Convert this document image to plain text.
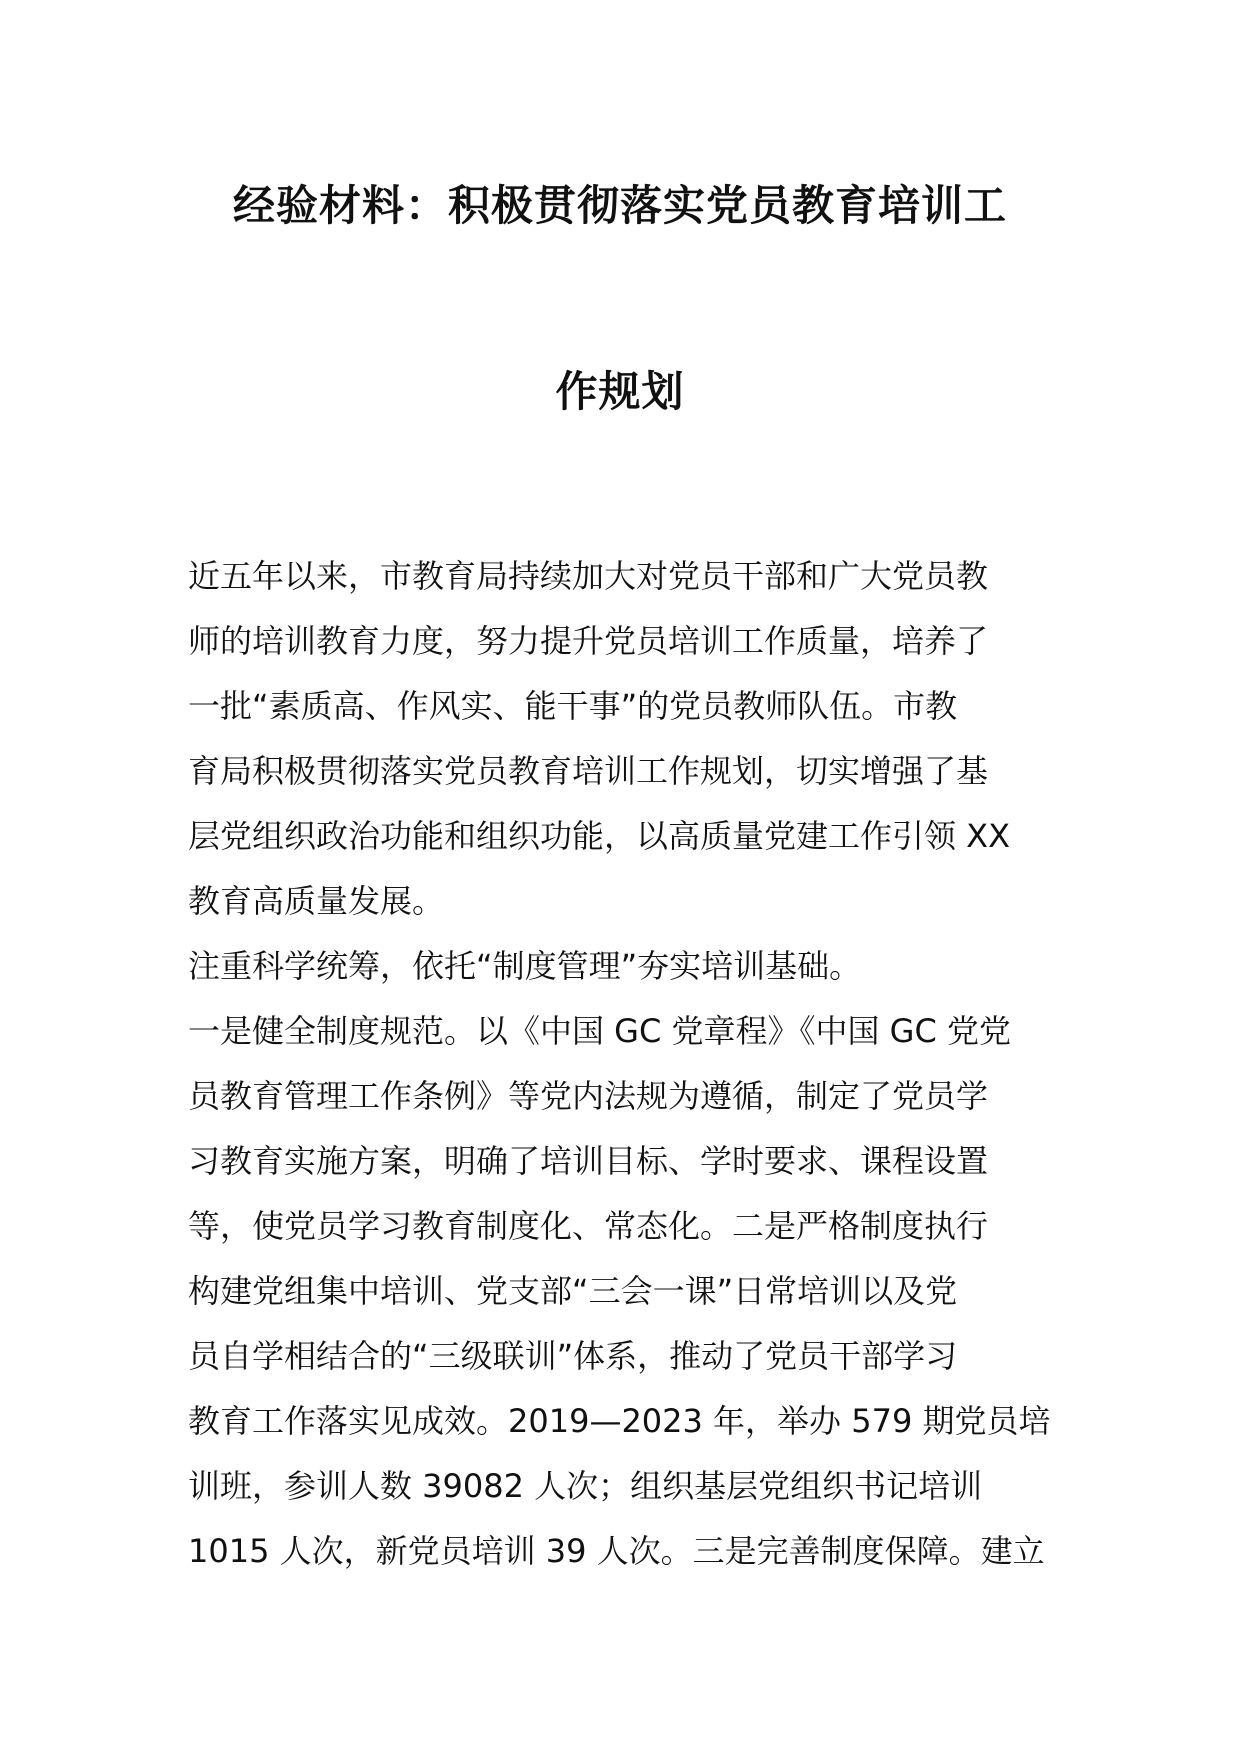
经验材料：积极贯彻落实党员教育培训工
作规划
近五年以来，市教育局持续加大对党员干部和广大党员教
师的培训教育力度，努力提升党员培训工作质量，培养了
一批“素质高、作风实、能干事”的党员教师队伍。市教
育局积极贯彻落实党员教育培训工作规划，切实增强了基
层党组织政治功能和组织功能，以高质量党建工作引领 XX
教育高质量发展。
注重科学统筹，依托“制度管理”夯实培训基础。
一是健全制度规范。以《中国 GC 党章程》《中国 GC 党党
员教育管理工作条例》等党内法规为遵循，制定了党员学
习教育实施方案，明确了培训目标、学时要求、课程设置
等，使党员学习教育制度化、常态化。二是严格制度执行
构建党组集中培训、党支部“三会一课”日常培训以及党
员自学相结合的“三级联训”体系，推动了党员干部学习
教育工作落实见成效。2019—2023 年，举办 579 期党员培
训班，参训人数 39082 人次；组织基层党组织书记培训
1015 人次，新党员培训 39 人次。三是完善制度保障。建立
